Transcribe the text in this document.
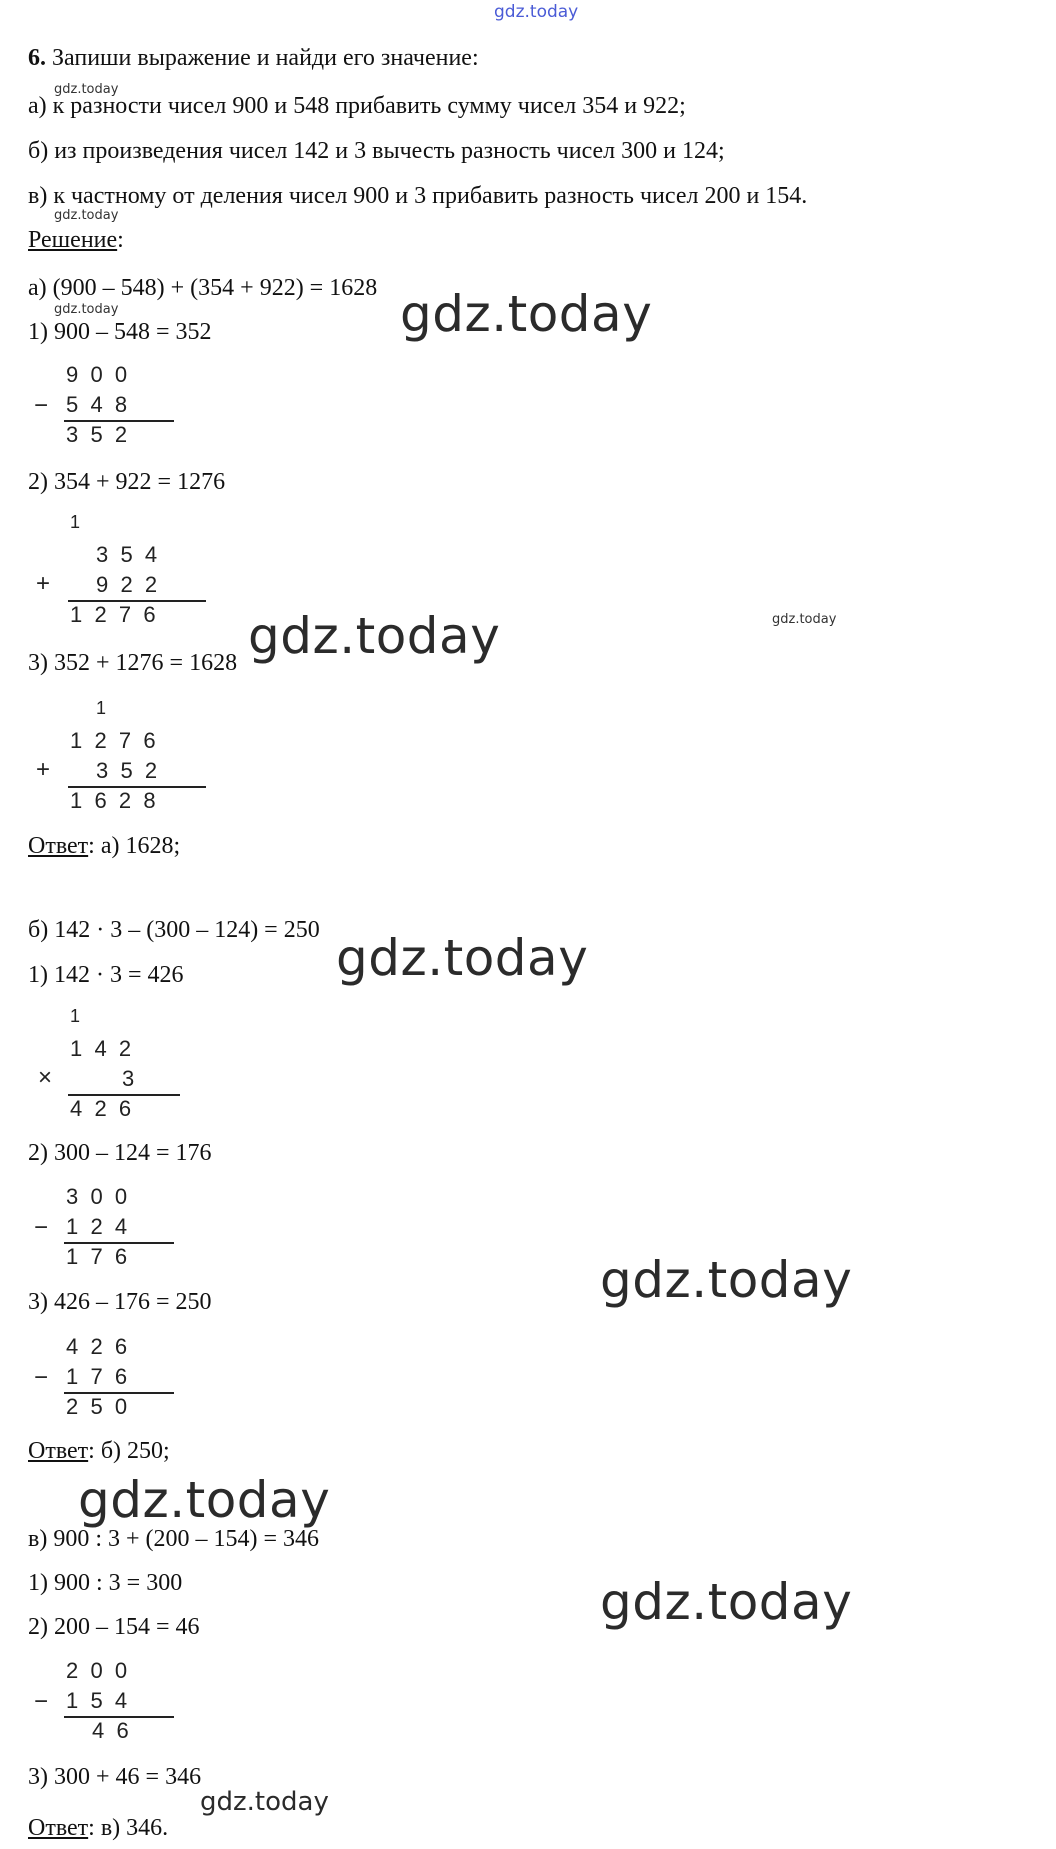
gdz.today
6. Запиши выражение и найди его значение:
а) к разности чисел 900 и 548 прибавить сумму чисел 354 и 922;
б) из произведения чисел 142 и 3 вычесть разность чисел 300 и 124;
в) к частному от деления чисел 900 и 3 прибавить разность чисел 200 и 154.
Решение:
а) (900 – 548) + (354 + 922) = 1628
1) 900 – 548 = 352
−
9  0  0
5  4  8
3  5  2
2) 354 + 922 = 1276
1
+
3  5  4
9  2  2
1  2  7  6
3) 352 + 1276 = 1628
1
+
1  2  7  6
3  5  2
1  6  2  8
Ответ: а) 1628;
б) 142 · 3 – (300 – 124) = 250
1) 142 · 3 = 426
1
×
1  4  2
3
4  2  6
2) 300 – 124 = 176
−
3  0  0
1  2  4
1  7  6
3) 426 – 176 = 250
−
4  2  6
1  7  6
2  5  0
Ответ: б) 250;
в) 900 : 3 + (200 – 154) = 346
1) 900 : 3 = 300
2) 200 – 154 = 46
−
2  0  0
1  5  4
4  6
3) 300 + 46 = 346
Ответ: в) 346.
gdz.today
gdz.today
gdz.today
gdz.today
gdz.today
gdz.today
gdz.today
gdz.today
gdz.today
gdz.today
gdz.today
